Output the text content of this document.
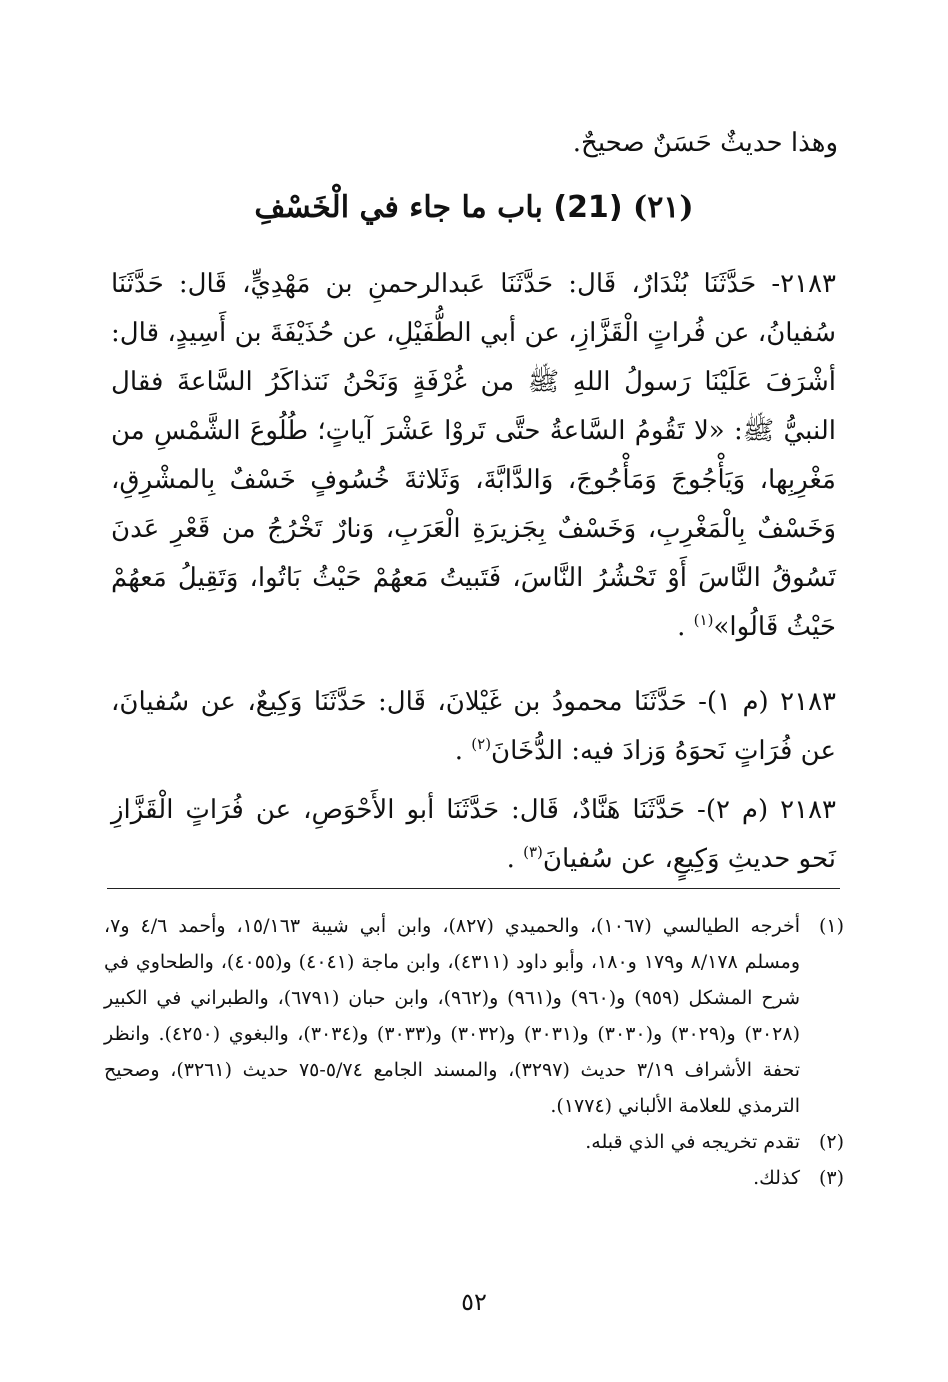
وهذا حديثٌ حَسَنٌ صحيحٌ.
(٢١) (21) باب ما جاء في الْخَسْفِ
٢١٨٣- حَدَّثَنَا بُنْدَارٌ، قَال: حَدَّثَنَا عَبدالرحمنِ بن مَهْدِيٍّ، قَال: حَدَّثَنَا سُفيانُ، عن فُراتٍ الْقَزَّازِ، عن أبي الطُّفَيْلِ، عن حُذَيْفَةَ بن أَسِيدٍ، قال: أشْرَفَ عَلَيْنَا رَسولُ اللهِ ﷺ من غُرْفَةٍ وَنَحْنُ نَتذاكَرُ السَّاعةَ فقال النبيُّ ﷺ: «لا تَقُومُ السَّاعةُ حتَّى تَروْا عَشْرَ آياتٍ؛ طُلُوعَ الشَّمْسِ من مَغْرِبِها، وَيَأْجُوجَ وَمَأْجُوجَ، وَالدَّابَّةَ، وَثَلاثةَ خُسُوفٍ خَسْفٌ بِالمشْرِقِ، وَخَسْفٌ بِالْمَغْرِبِ، وَخَسْفٌ بِجَزيرَةِ الْعَرَبِ، وَنارٌ تَخْرُجُ من قَعْرِ عَدنَ تَسُوقُ النَّاسَ أَوْ تَحْشُرُ النَّاسَ، فَتَبيتُ مَعهُمْ حَيْثُ بَاتُوا، وَتَقِيلُ مَعهُمْ حَيْثُ قَالُوا»$^{(١)}$ .
٢١٨٣ (م ١)- حَدَّثَنَا محمودُ بن غَيْلانَ، قَال: حَدَّثَنَا وَكِيعٌ، عن سُفيانَ، عن فُرَاتٍ نَحوَهُ وَزادَ فيه: الدُّخَانَ$^{(٢)}$ .
٢١٨٣ (م ٢)- حَدَّثَنَا هَنَّادٌ، قَال: حَدَّثَنَا أبو الأَحْوَصِ، عن فُرَاتٍ الْقَزَّازِ نَحو حديثِ وَكِيعٍ، عن سُفيانَ$^{(٣)}$ .
(١)
أخرجه الطيالسي (١٠٦٧)، والحميدي (٨٢٧)، وابن أبي شيبة ١٥/١٦٣، وأحمد ٤/٦ و٧، ومسلم ٨/١٧٨ و١٧٩ و١٨٠، وأبو داود (٤٣١١)، وابن ماجة (٤٠٤١) و(٤٠٥٥)، والطحاوي في شرح المشكل (٩٥٩) و(٩٦٠) و(٩٦١) و(٩٦٢)، وابن حبان (٦٧٩١)، والطبراني في الكبير (٣٠٢٨) و(٣٠٢٩) و(٣٠٣٠) و(٣٠٣١) و(٣٠٣٢) و(٣٠٣٣) و(٣٠٣٤)، والبغوي (٤٢٥٠). وانظر تحفة الأشراف ٣/١٩ حديث (٣٢٩٧)، والمسند الجامع ٥/٧٤-٧٥ حديث (٣٢٦١)، وصحيح الترمذي للعلامة الألباني (١٧٧٤).
(٢)
تقدم تخريجه في الذي قبله.
(٣)
كذلك.
٥٢
